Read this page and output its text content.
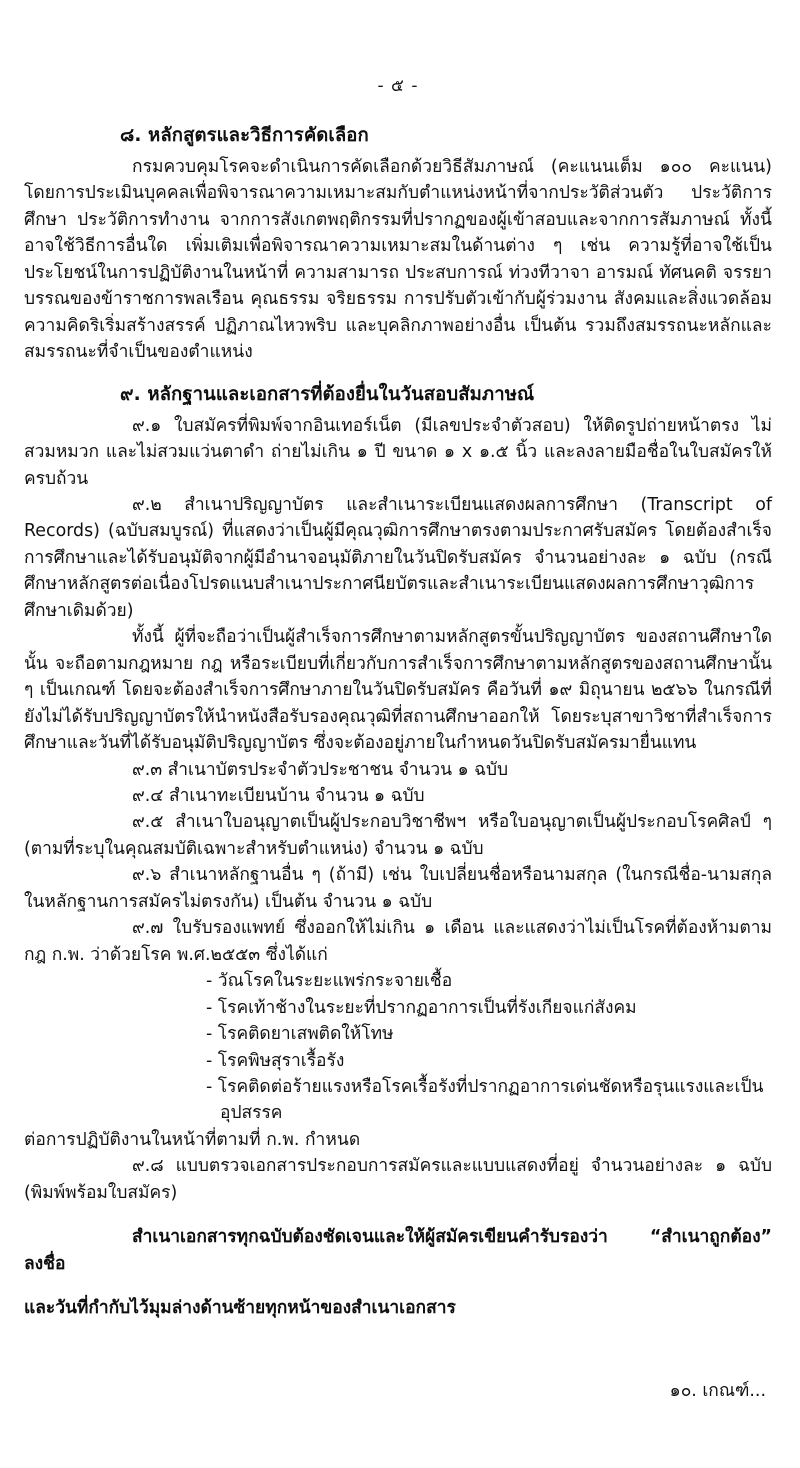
- ๕ -
๘. หลักสูตรและวิธีการคัดเลือก

กรมควบคุมโรคจะดำเนินการคัดเลือกด้วยวิธีสัมภาษณ์ (คะแนนเต็ม ๑๐๐ คะแนน) โดยการประเมินบุคคลเพื่อพิจารณาความเหมาะสมกับตำแหน่งหน้าที่จากประวัติส่วนตัว ประวัติการศึกษา ประวัติการทำงาน จากการสังเกตพฤติกรรมที่ปรากฏของผู้เข้าสอบและจากการสัมภาษณ์ ทั้งนี้ อาจใช้วิธีการอื่นใด เพิ่มเติมเพื่อพิจารณาความเหมาะสมในด้านต่าง ๆ เช่น ความรู้ที่อาจใช้เป็นประโยชน์ในการปฏิบัติงานในหน้าที่ ความสามารถ ประสบการณ์ ท่วงทีวาจา อารมณ์ ทัศนคติ จรรยาบรรณของข้าราชการพลเรือน คุณธรรม จริยธรรม การปรับตัวเข้ากับผู้ร่วมงาน สังคมและสิ่งแวดล้อม ความคิดริเริ่มสร้างสรรค์ ปฏิภาณไหวพริบ และบุคลิกภาพอย่างอื่น เป็นต้น รวมถึงสมรรถนะหลักและสมรรถนะที่จำเป็นของตำแหน่ง

๙. หลักฐานและเอกสารที่ต้องยื่นในวันสอบสัมภาษณ์

๙.๑ ใบสมัครที่พิมพ์จากอินเทอร์เน็ต (มีเลขประจำตัวสอบ) ให้ติดรูปถ่ายหน้าตรง ไม่สวมหมวก และไม่สวมแว่นตาดำ ถ่ายไม่เกิน ๑ ปี ขนาด ๑ x ๑.๕ นิ้ว และลงลายมือชื่อในใบสมัครให้ครบถ้วน

๙.๒ สำเนาปริญญาบัตร และสำเนาระเบียนแสดงผลการศึกษา (Transcript of Records) (ฉบับสมบูรณ์) ที่แสดงว่าเป็นผู้มีคุณวุฒิการศึกษาตรงตามประกาศรับสมัคร โดยต้องสำเร็จการศึกษาและได้รับอนุมัติจากผู้มีอำนาจอนุมัติภายในวันปิดรับสมัคร จำนวนอย่างละ ๑ ฉบับ (กรณีศึกษาหลักสูตรต่อเนื่องโปรดแนบสำเนาประกาศนียบัตรและสำเนาระเบียนแสดงผลการศึกษาวุฒิการศึกษาเดิมด้วย)

ทั้งนี้ ผู้ที่จะถือว่าเป็นผู้สำเร็จการศึกษาตามหลักสูตรขั้นปริญญาบัตร ของสถานศึกษาใดนั้น จะถือตามกฎหมาย กฎ หรือระเบียบที่เกี่ยวกับการสำเร็จการศึกษาตามหลักสูตรของสถานศึกษานั้น ๆ เป็นเกณฑ์ โดยจะต้องสำเร็จการศึกษาภายในวันปิดรับสมัคร คือวันที่ ๑๙ มิถุนายน ๒๕๖๖ ในกรณีที่ยังไม่ได้รับปริญญาบัตรให้นำหนังสือรับรองคุณวุฒิที่สถานศึกษาออกให้ โดยระบุสาขาวิชาที่สำเร็จการศึกษาและวันที่ได้รับอนุมัติปริญญาบัตร ซึ่งจะต้องอยู่ภายในกำหนดวันปิดรับสมัครมายื่นแทน

๙.๓ สำเนาบัตรประจำตัวประชาชน จำนวน ๑ ฉบับ

๙.๔ สำเนาทะเบียนบ้าน จำนวน ๑ ฉบับ

๙.๕ สำเนาใบอนุญาตเป็นผู้ประกอบวิชาชีพฯ หรือใบอนุญาตเป็นผู้ประกอบโรคศิลป์ ๆ (ตามที่ระบุในคุณสมบัติเฉพาะสำหรับตำแหน่ง) จำนวน ๑ ฉบับ

๙.๖ สำเนาหลักฐานอื่น ๆ (ถ้ามี) เช่น ใบเปลี่ยนชื่อหรือนามสกุล (ในกรณีชื่อ-นามสกุล ในหลักฐานการสมัครไม่ตรงกัน) เป็นต้น จำนวน ๑ ฉบับ

๙.๗ ใบรับรองแพทย์ ซึ่งออกให้ไม่เกิน ๑ เดือน และแสดงว่าไม่เป็นโรคที่ต้องห้ามตามกฎ ก.พ. ว่าด้วยโรค พ.ศ.๒๕๕๓ ซึ่งได้แก่

- วัณโรคในระยะแพร่กระจายเชื้อ
- โรคเท้าช้างในระยะที่ปรากฏอาการเป็นที่รังเกียจแก่สังคม
- โรคติดยาเสพติดให้โทษ
- โรคพิษสุราเรื้อรัง
- โรคติดต่อร้ายแรงหรือโรคเรื้อรังที่ปรากฏอาการเด่นชัดหรือรุนแรงและเป็นอุปสรรค

ต่อการปฏิบัติงานในหน้าที่ตามที่ ก.พ. กำหนด

๙.๘ แบบตรวจเอกสารประกอบการสมัครและแบบแสดงที่อยู่ จำนวนอย่างละ ๑ ฉบับ (พิมพ์พร้อมใบสมัคร)

สำเนาเอกสารทุกฉบับต้องชัดเจนและให้ผู้สมัครเขียนคำรับรองว่า “สำเนาถูกต้อง” ลงชื่อ

และวันที่กำกับไว้มุมล่างด้านซ้ายทุกหน้าของสำเนาเอกสาร

๑๐. เกณฑ์...
